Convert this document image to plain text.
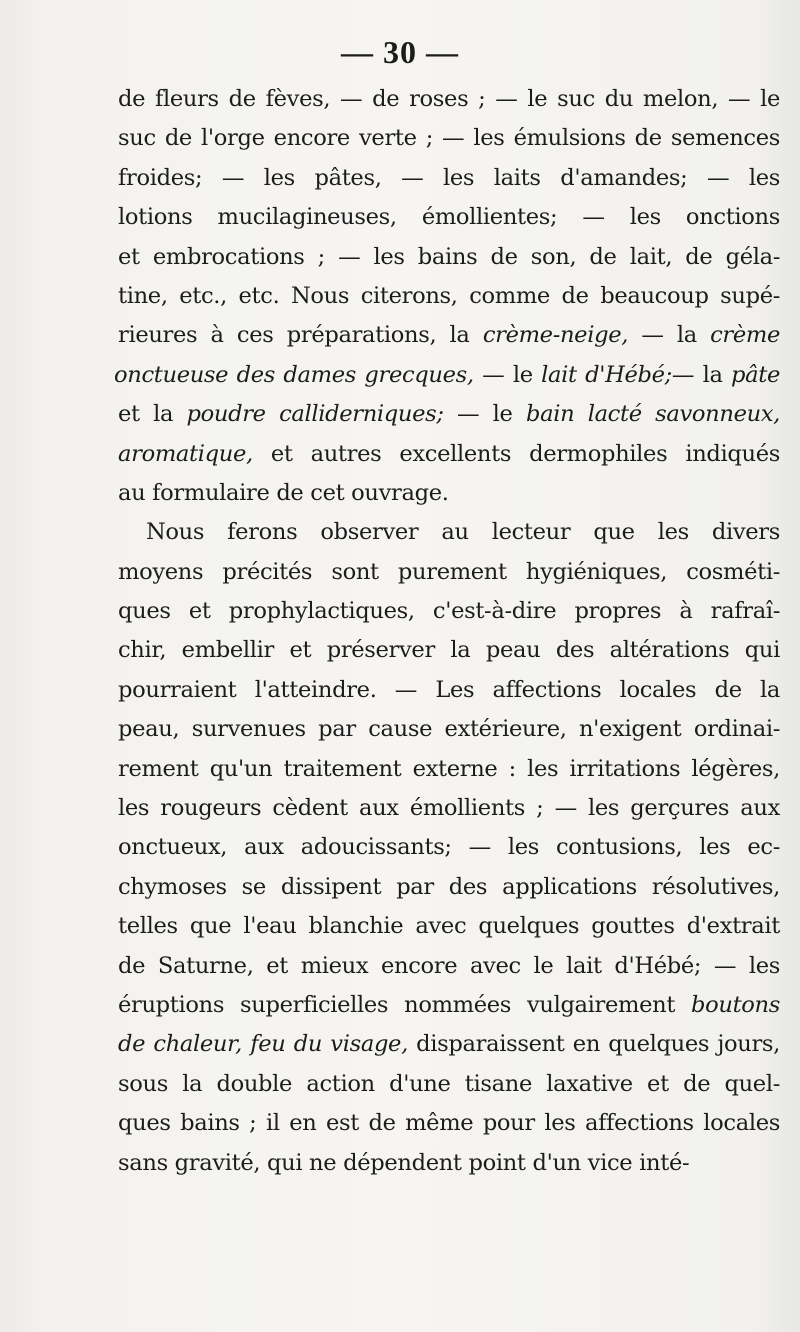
— 30 —
de fleurs de fèves, — de roses ; — le suc du melon, — le
suc de l'orge encore verte ; — les émulsions de semences
froides; — les pâtes, — les laits d'amandes; — les
lotions mucilagineuses, émollientes; — les onctions
et embrocations ; — les bains de son, de lait, de géla-
tine, etc., etc. Nous citerons, comme de beaucoup supé-
rieures à ces préparations, la crème-neige, — la crème
onctueuse des dames grecques, — le lait d'Hébé;— la pâte
et la poudre calliderniques; — le bain lacté savonneux,
aromatique, et autres excellents dermophiles indiqués
au formulaire de cet ouvrage.
Nous ferons observer au lecteur que les divers
moyens précités sont purement hygiéniques, cosméti-
ques et prophylactiques, c'est-à-dire propres à rafraî-
chir, embellir et préserver la peau des altérations qui
pourraient l'atteindre. — Les affections locales de la
peau, survenues par cause extérieure, n'exigent ordinai-
rement qu'un traitement externe : les irritations légères,
les rougeurs cèdent aux émollients ; — les gerçures aux
onctueux, aux adoucissants; — les contusions, les ec-
chymoses se dissipent par des applications résolutives,
telles que l'eau blanchie avec quelques gouttes d'extrait
de Saturne, et mieux encore avec le lait d'Hébé; — les
éruptions superficielles nommées vulgairement boutons
de chaleur, feu du visage, disparaissent en quelques jours,
sous la double action d'une tisane laxative et de quel-
ques bains ; il en est de même pour les affections locales
sans gravité, qui ne dépendent point d'un vice inté-
